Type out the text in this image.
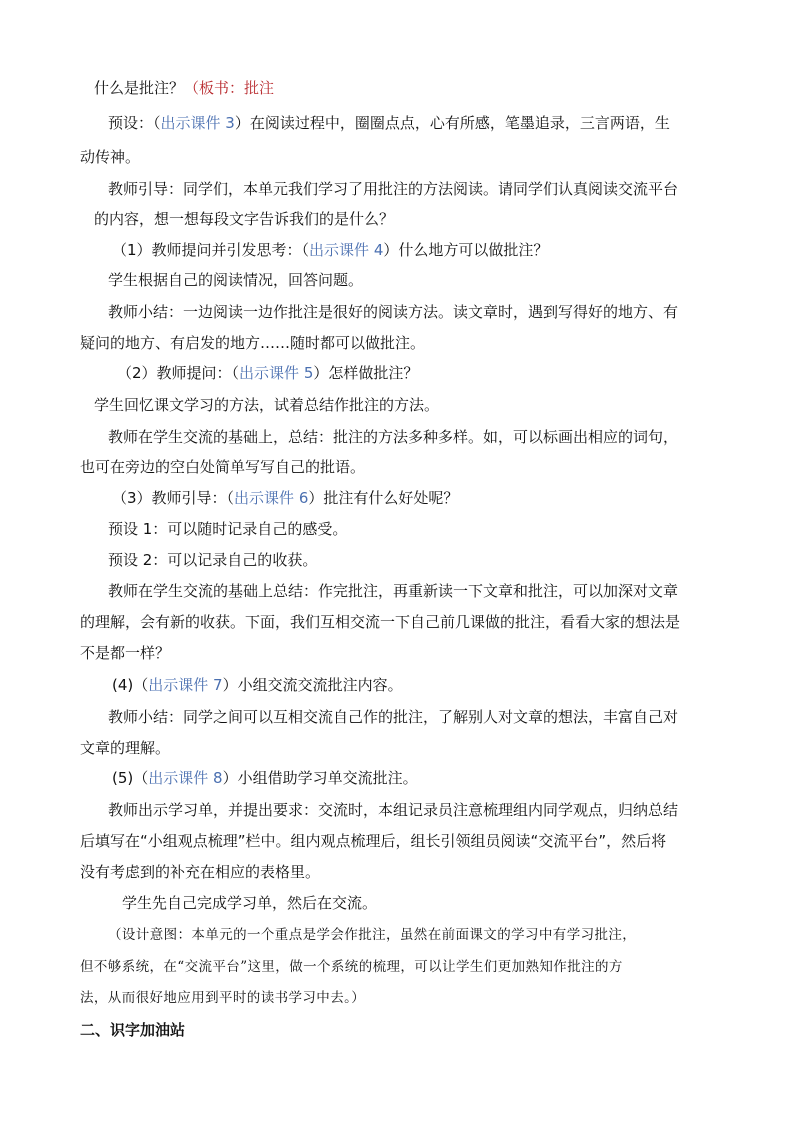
什么是批注？（板书：批注

预设：（出示课件 3）在阅读过程中，圈圈点点，心有所感，笔墨追录，三言两语，生

动传神。

教师引导：同学们，本单元我们学习了用批注的方法阅读。请同学们认真阅读交流平台

的内容，想一想每段文字告诉我们的是什么？

（1）教师提问并引发思考：（出示课件 4）什么地方可以做批注？

学生根据自己的阅读情况，回答问题。

教师小结：一边阅读一边作批注是很好的阅读方法。读文章时，遇到写得好的地方、有

疑问的地方、有启发的地方……随时都可以做批注。

（2）教师提问：（出示课件 5）怎样做批注？

学生回忆课文学习的方法，试着总结作批注的方法。

教师在学生交流的基础上，总结：批注的方法多种多样。如，可以标画出相应的词句，

也可在旁边的空白处简单写写自己的批语。

（3）教师引导：（出示课件 6）批注有什么好处呢？

预设 1：可以随时记录自己的感受。

预设 2：可以记录自己的收获。

教师在学生交流的基础上总结：作完批注，再重新读一下文章和批注，可以加深对文章

的理解，会有新的收获。下面，我们互相交流一下自己前几课做的批注，看看大家的想法是

不是都一样？

(4)（出示课件 7）小组交流交流批注内容。

教师小结：同学之间可以互相交流自己作的批注，了解别人对文章的想法，丰富自己对

文章的理解。

(5)（出示课件 8）小组借助学习单交流批注。

教师出示学习单，并提出要求：交流时，本组记录员注意梳理组内同学观点，归纳总结

后填写在“小组观点梳理”栏中。组内观点梳理后，组长引领组员阅读“交流平台”，然后将

没有考虑到的补充在相应的表格里。

学生先自己完成学习单，然后在交流。

（设计意图：本单元的一个重点是学会作批注，虽然在前面课文的学习中有学习批注，

但不够系统，在“交流平台”这里，做一个系统的梳理，可以让学生们更加熟知作批注的方

法，从而很好地应用到平时的读书学习中去。）

二、识字加油站
